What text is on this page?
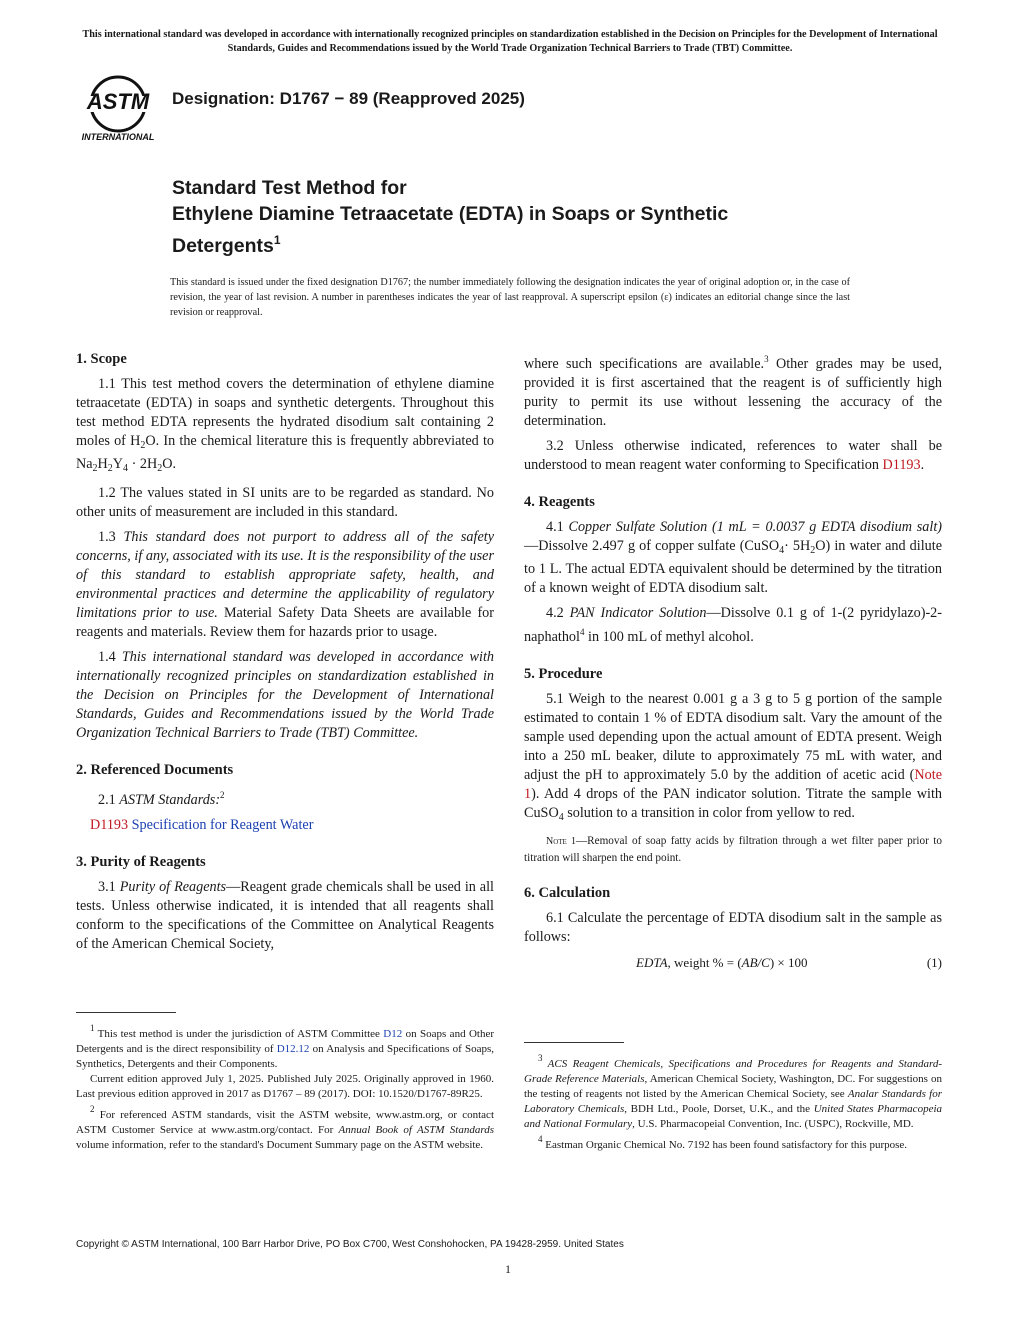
This international standard was developed in accordance with internationally recognized principles on standardization established in the Decision on Principles for the Development of International Standards, Guides and Recommendations issued by the World Trade Organization Technical Barriers to Trade (TBT) Committee.
ASTM
INTERNATIONAL
Designation: D1767 − 89 (Reapproved 2025)
Standard Test Method for
Ethylene Diamine Tetraacetate (EDTA) in Soaps or Synthetic
Detergents$^1$
This standard is issued under the fixed designation D1767; the number immediately following the designation indicates the year of original adoption or, in the case of revision, the year of last revision. A number in parentheses indicates the year of last reapproval. A superscript epsilon (ε) indicates an editorial change since the last revision or reapproval.
1. Scope

1.1 This test method covers the determination of ethylene diamine tetraacetate (EDTA) in soaps and synthetic detergents. Throughout this test method EDTA represents the hydrated disodium salt containing 2 moles of $H_2O$. In the chemical literature this is frequently abbreviated to $Na_2H_2Y_4 \cdot 2H_2O$.

1.2 The values stated in SI units are to be regarded as standard. No other units of measurement are included in this standard.

1.3 This standard does not purport to address all of the safety concerns, if any, associated with its use. It is the responsibility of the user of this standard to establish appropriate safety, health, and environmental practices and determine the applicability of regulatory limitations prior to use. Material Safety Data Sheets are available for reagents and materials. Review them for hazards prior to usage.

1.4 This international standard was developed in accordance with internationally recognized principles on standardization established in the Decision on Principles for the Development of International Standards, Guides and Recommendations issued by the World Trade Organization Technical Barriers to Trade (TBT) Committee.

2. Referenced Documents

2.1 ASTM Standards:$^2$

D1193 Specification for Reagent Water
3. Purity of Reagents

3.1 Purity of Reagents—Reagent grade chemicals shall be used in all tests. Unless otherwise indicated, it is intended that all reagents shall conform to the specifications of the Committee on Analytical Reagents of the American Chemical Society,

where such specifications are available.$^3$ Other grades may be used, provided it is first ascertained that the reagent is of sufficiently high purity to permit its use without lessening the accuracy of the determination.

3.2 Unless otherwise indicated, references to water shall be understood to mean reagent water conforming to Specification D1193.

4. Reagents

4.1 Copper Sulfate Solution (1 mL = 0.0037 g EDTA disodium salt)—Dissolve 2.497 g of copper sulfate (CuSO$_4$· $5H_2O$) in water and dilute to 1 L. The actual EDTA equivalent should be determined by the titration of a known weight of EDTA disodium salt.

4.2 PAN Indicator Solution—Dissolve 0.1 g of 1-(2 pyridylazo)-2-naphathol$^4$ in 100 mL of methyl alcohol.

5. Procedure

5.1 Weigh to the nearest 0.001 g a 3 g to 5 g portion of the sample estimated to contain 1 % of EDTA disodium salt. Vary the amount of the sample used depending upon the actual amount of EDTA present. Weigh into a 250 mL beaker, dilute to approximately 75 mL with water, and adjust the pH to approximately 5.0 by the addition of acetic acid (Note 1). Add 4 drops of the PAN indicator solution. Titrate the sample with CuSO$_4$ solution to a transition in color from yellow to red.

Note 1—Removal of soap fatty acids by filtration through a wet filter paper prior to titration will sharpen the end point.

6. Calculation

6.1 Calculate the percentage of EDTA disodium salt in the sample as follows:

EDTA, weight % = (AB/C) × 100	(1)

$^1$ This test method is under the jurisdiction of ASTM Committee D12 on Soaps and Other Detergents and is the direct responsibility of D12.12 on Analysis and Specifications of Soaps, Synthetics, Detergents and their Components.

Current edition approved July 1, 2025. Published July 2025. Originally approved in 1960. Last previous edition approved in 2017 as D1767 – 89 (2017). DOI: 10.1520/D1767-89R25.

$^2$ For referenced ASTM standards, visit the ASTM website, www.astm.org, or contact ASTM Customer Service at www.astm.org/contact. For Annual Book of ASTM Standards volume information, refer to the standard's Document Summary page on the ASTM website.

$^3$ ACS Reagent Chemicals, Specifications and Procedures for Reagents and Standard-Grade Reference Materials, American Chemical Society, Washington, DC. For suggestions on the testing of reagents not listed by the American Chemical Society, see Analar Standards for Laboratory Chemicals, BDH Ltd., Poole, Dorset, U.K., and the United States Pharmacopeia and National Formulary, U.S. Pharmacopeial Convention, Inc. (USPC), Rockville, MD.

$^4$ Eastman Organic Chemical No. 7192 has been found satisfactory for this purpose.

Copyright © ASTM International, 100 Barr Harbor Drive, PO Box C700, West Conshohocken, PA 19428-2959. United States
1
